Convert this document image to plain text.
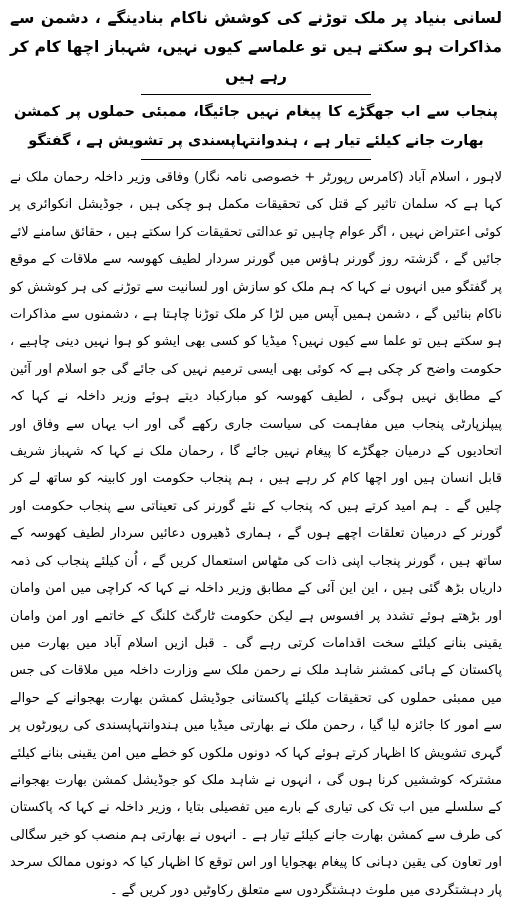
لسانی بنیاد پر ملک توڑنے کی کوشش ناکام بنادینگے ، دشمن سے مذاکرات ہو سکتے ہیں تو علماسے کیوں نہیں، شہباز اچھا کام کر رہے ہیں
پنجاب سے اب جھگڑے کا پیغام نہیں جائیگا، ممبئی حملوں پر کمشن بھارت جانے کیلئے تیار ہے ، ہندوانتہاپسندی پر تشویش ہے ، گفتگو

لاہور ، اسلام آباد (کامرس رپورٹر + خصوصی نامہ نگار) وفاقی وزیر داخلہ رحمان ملک نے کہا ہے کہ سلمان تاثیر کے قتل کی تحقیقات مکمل ہو چکی ہیں ، جوڈیشل انکوائری پر کوئی اعتراض نہیں ، اگر عوام چاہیں تو عدالتی تحقیقات کرا سکتے ہیں ، حقائق سامنے لائے جائیں گے ، گزشتہ روز گورنر ہاؤس میں گورنر سردار لطیف کھوسہ سے ملاقات کے موقع پر گفتگو میں انہوں نے کہا کہ ہم ملک کو سازش اور لسانیت سے توڑنے کی ہر کوشش کو ناکام بنائیں گے ، دشمن ہمیں آپس میں لڑا کر ملک توڑنا چاہتا ہے ، دشمنوں سے مذاکرات ہو سکتے ہیں تو علما سے کیوں نہیں؟ میڈیا کو کسی بھی ایشو کو ہوا نہیں دینی چاہیے ، حکومت واضح کر چکی ہے کہ کوئی بھی ایسی ترمیم نہیں کی جائے گی جو اسلام اور آئین کے مطابق نہیں ہوگی ، لطیف کھوسہ کو مبارکباد دیتے ہوئے وزیر داخلہ نے کہا کہ پیپلزپارٹی پنجاب میں مفاہمت کی سیاست جاری رکھے گی اور اب یہاں سے وفاق اور اتحادیوں کے درمیان جھگڑے کا پیغام نہیں جائے گا ، رحمان ملک نے کہا کہ شہباز شریف قابل انسان ہیں اور اچھا کام کر رہے ہیں ، ہم پنجاب حکومت اور کابینہ کو ساتھ لے کر چلیں گے ۔ ہم امید کرتے ہیں کہ پنجاب کے نئے گورنر کی تعیناتی سے پنجاب حکومت اور گورنر کے درمیان تعلقات اچھے ہوں گے ، ہماری ڈھیروں دعائیں سردار لطیف کھوسہ کے ساتھ ہیں ، گورنر پنجاب اپنی ذات کی مٹھاس استعمال کریں گے ، اُن کیلئے پنجاب کی ذمہ داریاں بڑھ گئی ہیں ، این این آئی کے مطابق وزیر داخلہ نے کہا کہ کراچی میں امن وامان اور بڑھتے ہوئے تشدد پر افسوس ہے لیکن حکومت ٹارگٹ کلنگ کے خاتمے اور امن وامان یقینی بنانے کیلئے سخت اقدامات کرتی رہے گی ۔ قبل ازیں اسلام آباد میں بھارت میں پاکستان کے ہائی کمشنر شاہد ملک نے رحمن ملک سے وزارت داخلہ میں ملاقات کی جس میں ممبئی حملوں کی تحقیقات کیلئے پاکستانی جوڈیشل کمشن بھارت بھجوانے کے حوالے سے امور کا جائزہ لیا گیا ، رحمن ملک نے بھارتی میڈیا میں ہندوانتہاپسندی کی رپورٹوں پر گہری تشویش کا اظہار کرتے ہوئے کہا کہ دونوں ملکوں کو خطے میں امن یقینی بنانے کیلئے مشترکہ کوششیں کرنا ہوں گی ، انہوں نے شاہد ملک کو جوڈیشل کمشن بھارت بھجوانے کے سلسلے میں اب تک کی تیاری کے بارے میں تفصیلی بتایا ، وزیر داخلہ نے کہا کہ پاکستان کی طرف سے کمشن بھارت جانے کیلئے تیار ہے ۔ انہوں نے بھارتی ہم منصب کو خیر سگالی اور تعاون کی یقین دہانی کا پیغام بھجوایا اور اس توقع کا اظہار کیا کہ دونوں ممالک سرحد پار دہشتگردی میں ملوث دہشتگردوں سے متعلق رکاوٹیں دور کریں گے ۔
